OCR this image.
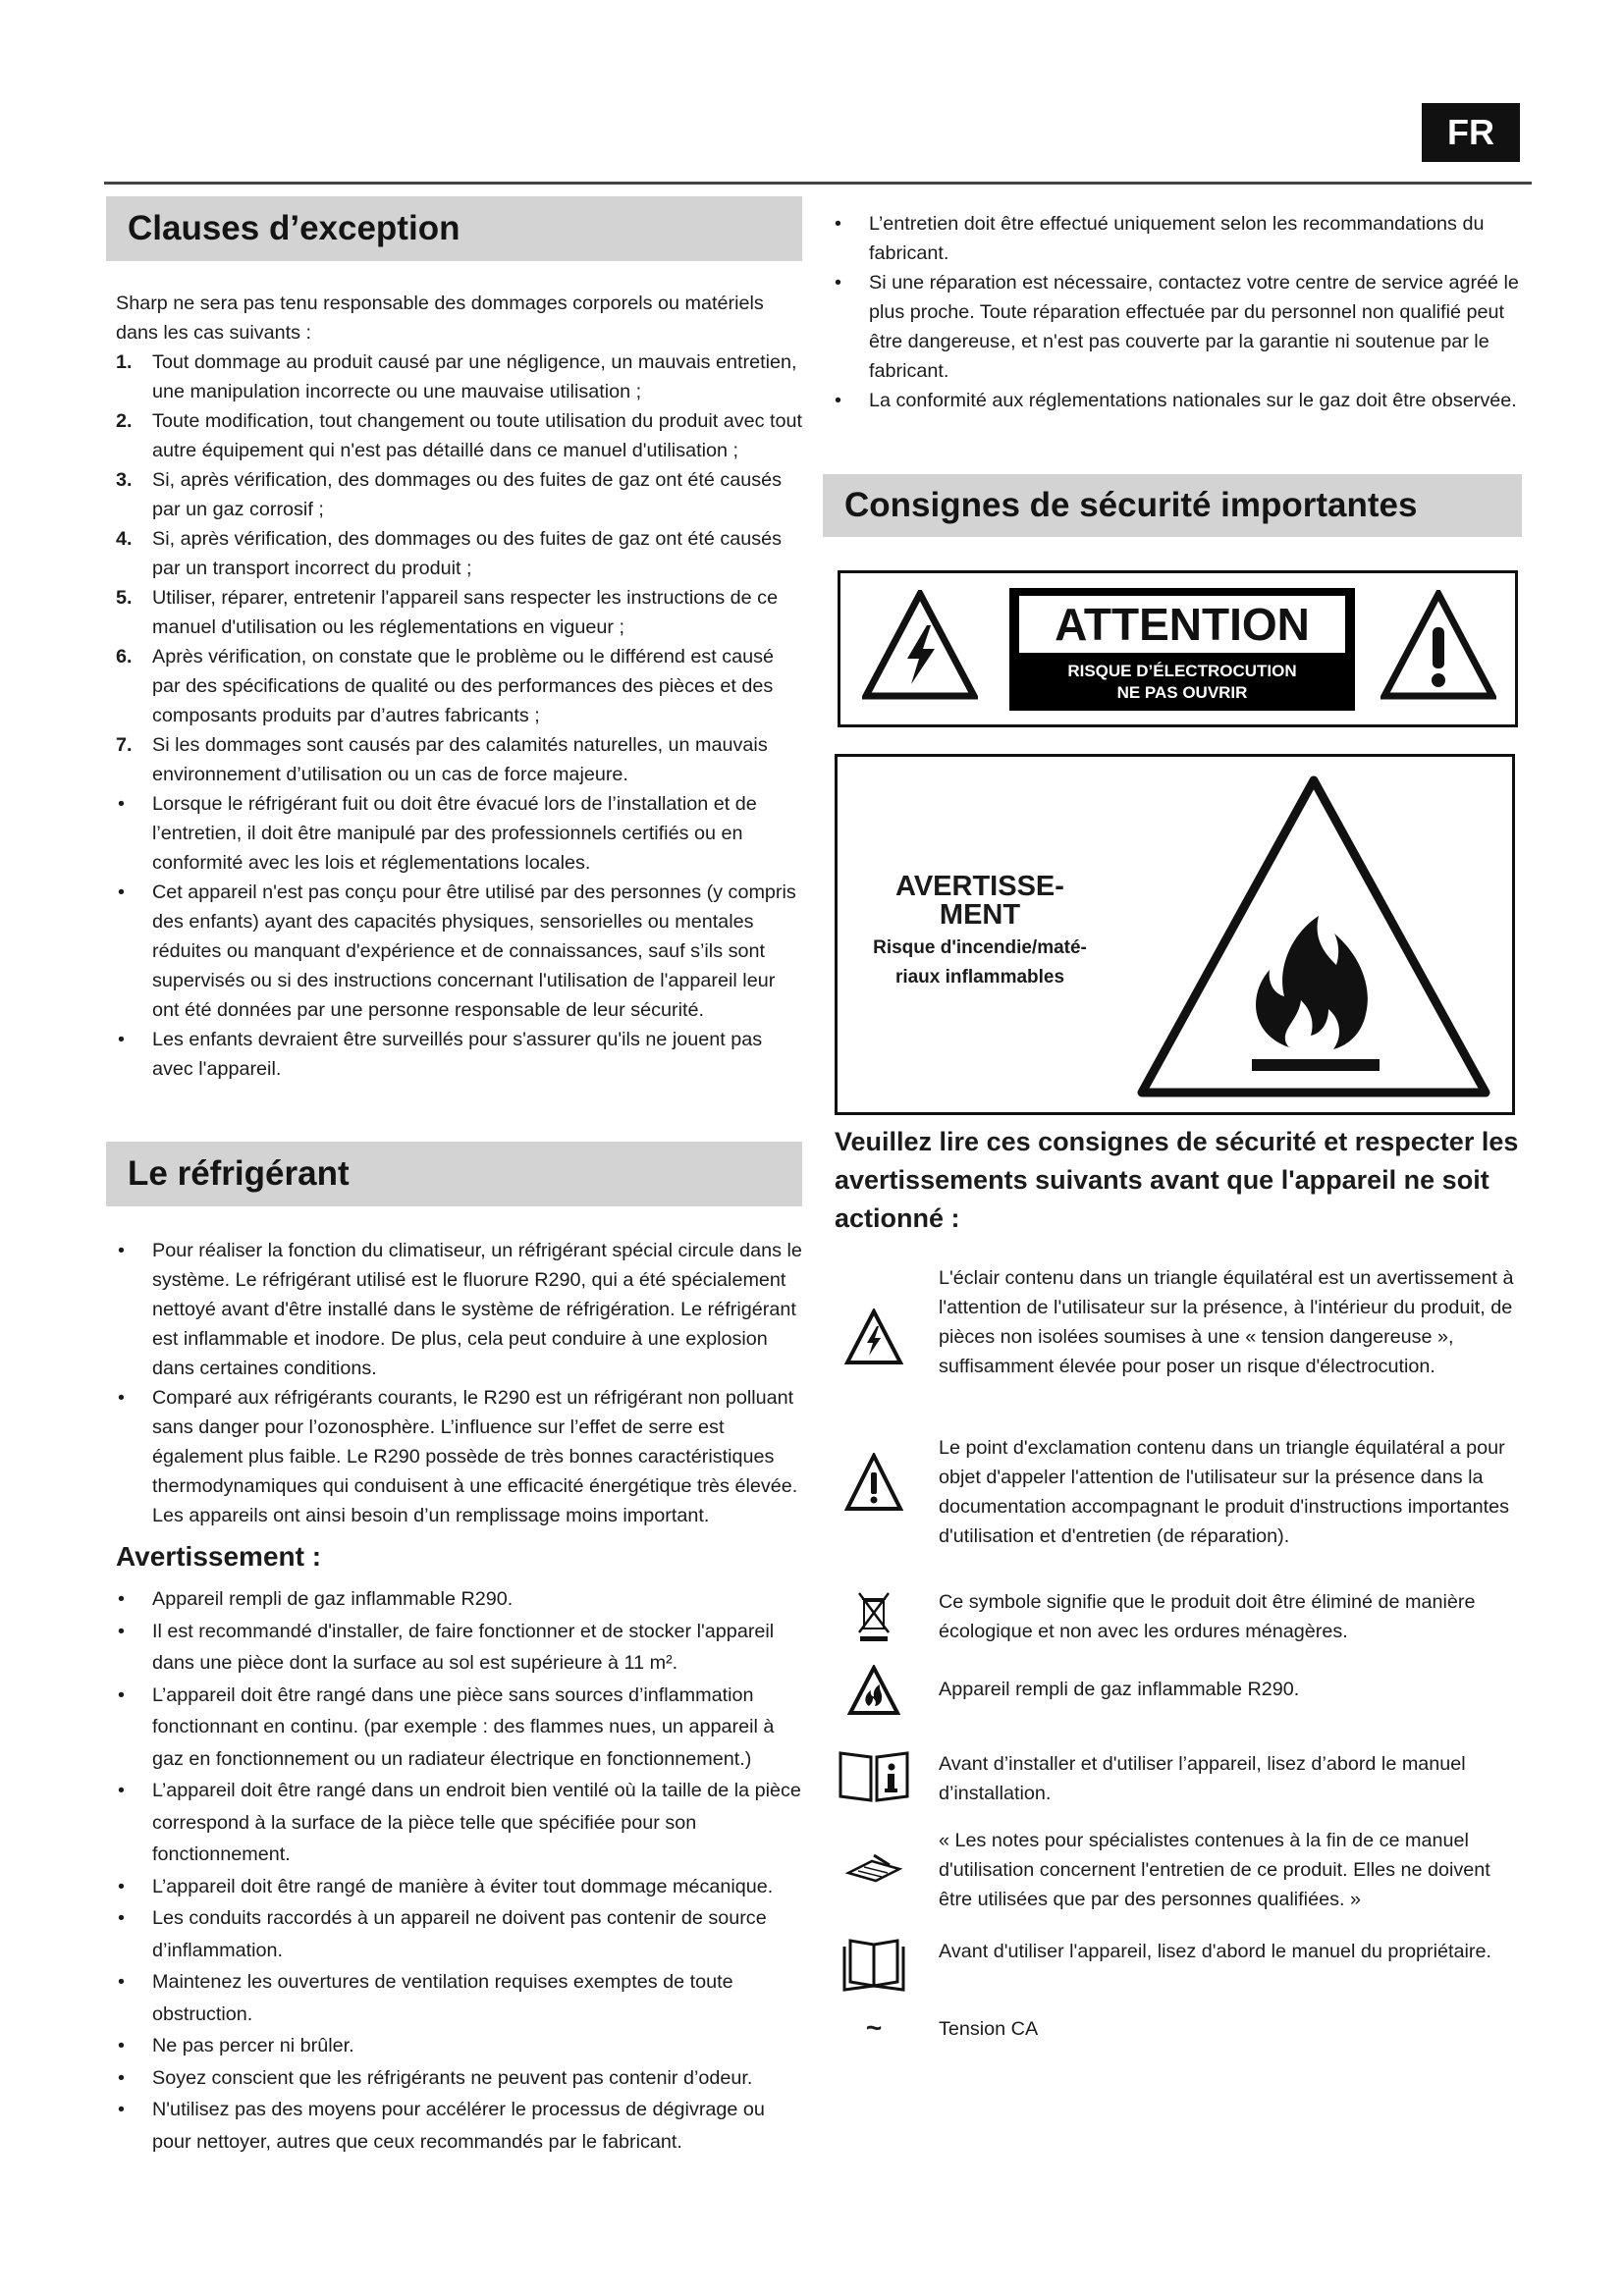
FR
Clauses d’exception

Sharp ne sera pas tenu responsable des dommages corporels ou matériels dans les cas suivants :

1. Tout dommage au produit causé par une négligence, un mauvais entretien, une manipulation incorrecte ou une mauvaise utilisation ;
2. Toute modification, tout changement ou toute utilisation du produit avec tout autre équipement qui n'est pas détaillé dans ce manuel d'utilisation ;
3. Si, après vérification, des dommages ou des fuites de gaz ont été causés par un gaz corrosif ;
4. Si, après vérification, des dommages ou des fuites de gaz ont été causés par un transport incorrect du produit ;
5. Utiliser, réparer, entretenir l'appareil sans respecter les instructions de ce manuel d'utilisation ou les réglementations en vigueur ;
6. Après vérification, on constate que le problème ou le différend est causé par des spécifications de qualité ou des performances des pièces et des composants produits par d’autres fabricants ;
7. Si les dommages sont causés par des calamités naturelles, un mauvais environnement d’utilisation ou un cas de force majeure.
• Lorsque le réfrigérant fuit ou doit être évacué lors de l’installation et de l’entretien, il doit être manipulé par des professionnels certifiés ou en conformité avec les lois et réglementations locales.
• Cet appareil n'est pas conçu pour être utilisé par des personnes (y compris des enfants) ayant des capacités physiques, sensorielles ou mentales réduites ou manquant d'expérience et de connaissances, sauf s’ils sont supervisés ou si des instructions concernant l'utilisation de l'appareil leur ont été données par une personne responsable de leur sécurité.
• Les enfants devraient être surveillés pour s'assurer qu'ils ne jouent pas avec l'appareil.
Le réfrigérant
• Pour réaliser la fonction du climatiseur, un réfrigérant spécial circule dans le système. Le réfrigérant utilisé est le fluorure R290, qui a été spécialement nettoyé avant d'être installé dans le système de réfrigération. Le réfrigérant est inflammable et inodore. De plus, cela peut conduire à une explosion dans certaines conditions.
• Comparé aux réfrigérants courants, le R290 est un réfrigérant non polluant sans danger pour l’ozonosphère. L’influence sur l’effet de serre est également plus faible. Le R290 possède de très bonnes caractéristiques thermodynamiques qui conduisent à une efficacité énergétique très élevée. Les appareils ont ainsi besoin d’un remplissage moins important.
Avertissement :
• Appareil rempli de gaz inflammable R290.
• Il est recommandé d'installer, de faire fonctionner et de stocker l'appareil dans une pièce dont la surface au sol est supérieure à 11 m².
• L’appareil doit être rangé dans une pièce sans sources d’inflammation fonctionnant en continu. (par exemple : des flammes nues, un appareil à gaz en fonctionnement ou un radiateur électrique en fonctionnement.)
• L’appareil doit être rangé dans un endroit bien ventilé où la taille de la pièce correspond à la surface de la pièce telle que spécifiée pour son fonctionnement.
• L’appareil doit être rangé de manière à éviter tout dommage mécanique.
• Les conduits raccordés à un appareil ne doivent pas contenir de source d’inflammation.
• Maintenez les ouvertures de ventilation requises exemptes de toute obstruction.
• Ne pas percer ni brûler.
• Soyez conscient que les réfrigérants ne peuvent pas contenir d’odeur.
• N'utilisez pas des moyens pour accélérer le processus de dégivrage ou pour nettoyer, autres que ceux recommandés par le fabricant.
• L’entretien doit être effectué uniquement selon les recommandations du fabricant.
• Si une réparation est nécessaire, contactez votre centre de service agréé le plus proche. Toute réparation effectuée par du personnel non qualifié peut être dangereuse, et n'est pas couverte par la garantie ni soutenue par le fabricant.
• La conformité aux réglementations nationales sur le gaz doit être observée.
Consignes de sécurité importantes
ATTENTION
RISQUE D’ÉLECTROCUTION
NE PAS OUVRIR
AVERTISSE-
MENT
Risque d'incendie/maté-
riaux inflammables
Veuillez lire ces consignes de sécurité et respecter les avertissements suivants avant que l'appareil ne soit actionné :
L'éclair contenu dans un triangle équilatéral est un avertissement à l'attention de l'utilisateur sur la présence, à l'intérieur du produit, de pièces non isolées soumises à une « tension dangereuse », suffisamment élevée pour poser un risque d'électrocution.
Le point d'exclamation contenu dans un triangle équilatéral a pour objet d'appeler l'attention de l'utilisateur sur la présence dans la documentation accompagnant le produit d'instructions importantes d'utilisation et d'entretien (de réparation).
Ce symbole signifie que le produit doit être éliminé de manière écologique et non avec les ordures ménagères.
Appareil rempli de gaz inflammable R290.
Avant d’installer et d'utiliser l’appareil, lisez d’abord le manuel d’installation.
« Les notes pour spécialistes contenues à la fin de ce manuel d'utilisation concernent l'entretien de ce produit. Elles ne doivent être utilisées que par des personnes qualifiées. »
Avant d'utiliser l'appareil, lisez d'abord le manuel du propriétaire.
~	Tension CA
